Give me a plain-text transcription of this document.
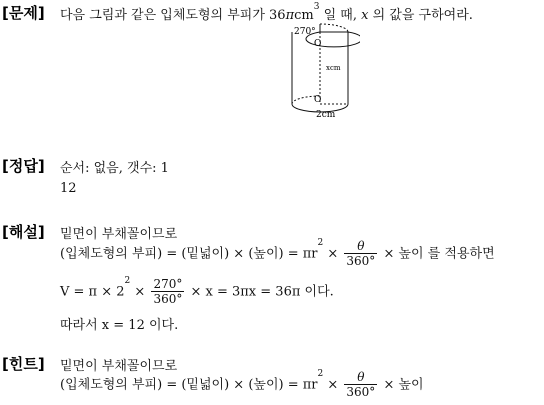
[문제] 다음 그림과 같은 입체도형의 부피가 36πcm$^3$ 일 때, x 의 값을 구하여라.
270°
O
xcm
O
2cm
[정답] 순서: 없음, 갯수: 1
12
[해설] 밑면이 부채꼴이므로
(입체도형의 부피) = (밑넓이) × (높이) = $\pi r^2 \times \frac{\theta}{360^\circ}$ × 높이 를 적용하면
$V = \pi \times 2^2 \times \frac{270^\circ}{360^\circ} \times x = 3\pi x = 36\pi$ 이다.
따라서 x = 12 이다.
[힌트] 밑면이 부채꼴이므로
(입체도형의 부피) = (밑넓이) × (높이) = $\pi r^2 \times \frac{\theta}{360^\circ}$ × 높이
